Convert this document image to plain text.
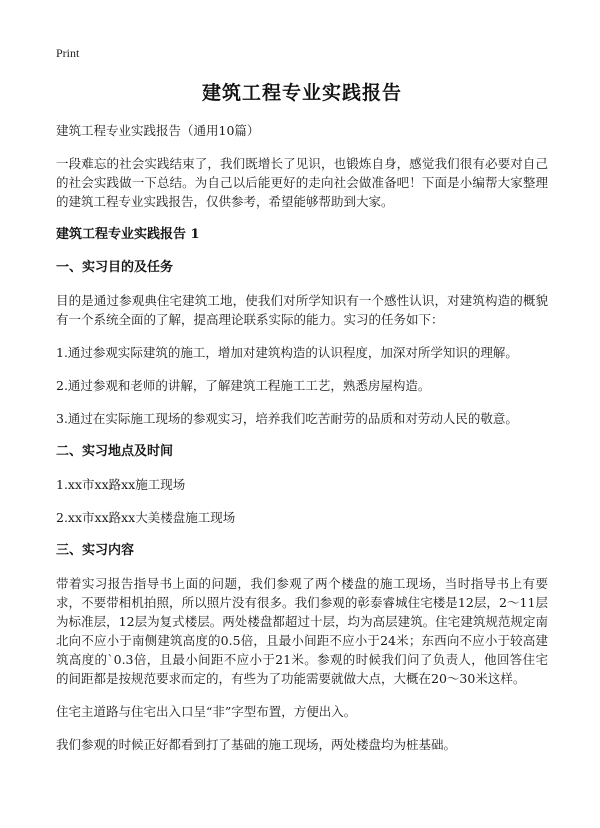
Print
建筑工程专业实践报告

建筑工程专业实践报告（通用10篇）

一段难忘的社会实践结束了，我们既增长了见识，也锻炼自身，感觉我们很有必要对自己的社会实践做一下总结。为自己以后能更好的走向社会做准备吧！下面是小编帮大家整理的建筑工程专业实践报告，仅供参考，希望能够帮助到大家。

建筑工程专业实践报告 1
一、实习目的及任务

目的是通过参观典住宅建筑工地，使我们对所学知识有一个感性认识，对建筑构造的概貌有一个系统全面的了解，提高理论联系实际的能力。实习的任务如下：

1.通过参观实际建筑的施工，增加对建筑构造的认识程度，加深对所学知识的理解。

2.通过参观和老师的讲解，了解建筑工程施工工艺，熟悉房屋构造。

3.通过在实际施工现场的参观实习，培养我们吃苦耐劳的品质和对劳动人民的敬意。

二、实习地点及时间

1.xx市xx路xx施工现场

2.xx市xx路xx大美楼盘施工现场

三、实习内容

带着实习报告指导书上面的问题，我们参观了两个楼盘的施工现场，当时指导书上有要求，不要带相机拍照，所以照片没有很多。我们参观的彰泰睿城住宅楼是12层，2～11层为标准层，12层为复式楼层。两处楼盘都超过十层，均为高层建筑。住宅建筑规范规定南北向不应小于南侧建筑高度的0.5倍，且最小间距不应小于24米；东西向不应小于较高建筑高度的`0.3倍，且最小间距不应小于21米。参观的时候我们问了负责人，他回答住宅的间距都是按规范要求而定的，有些为了功能需要就做大点，大概在20～30米这样。

住宅主道路与住宅出入口呈“非”字型布置，方便出入。

我们参观的时候正好都看到打了基础的施工现场，两处楼盘均为桩基础。
